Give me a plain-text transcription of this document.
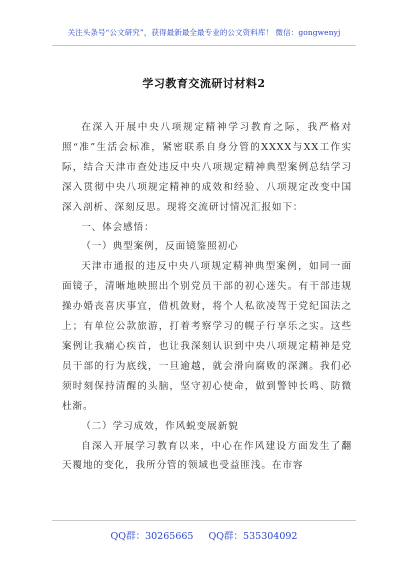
关注头条号“公文研究”，获得最新最全最专业的公文资料库！ 微信：gongwenyj
学习教育交流研讨材料2

在深入开展中央八项规定精神学习教育之际，我严格对照“准”生活会标准，紧密联系自身分管的XXXX与XX工作实际，结合天津市查处违反中央八项规定精神典型案例总结学习深入贯彻中央八项规定精神的成效和经验、八项规定改变中国深入剖析、深刻反思。现将交流研讨情况汇报如下：

一、体会感悟：
（一）典型案例，反面镜鉴照初心

天津市通报的违反中央八项规定精神典型案例，如同一面面镜子，清晰地映照出个别党员干部的初心迷失。有干部违规操办婚丧喜庆事宜，借机敛财，将个人私欲凌驾于党纪国法之上；有单位公款旅游，打着考察学习的幌子行享乐之实。这些案例让我痛心疾首，也让我深刻认识到中央八项规定精神是党员干部的行为底线，一旦逾越，就会滑向腐败的深渊。我们必须时刻保持清醒的头脑，坚守初心使命，做到警钟长鸣、防微杜渐。

（二）学习成效，作风蜕变展新貌

自深入开展学习教育以来，中心在作风建设方面发生了翻天覆地的变化，我所分管的领域也受益匪浅。在市容

QQ群：30265665 QQ群：535304092
